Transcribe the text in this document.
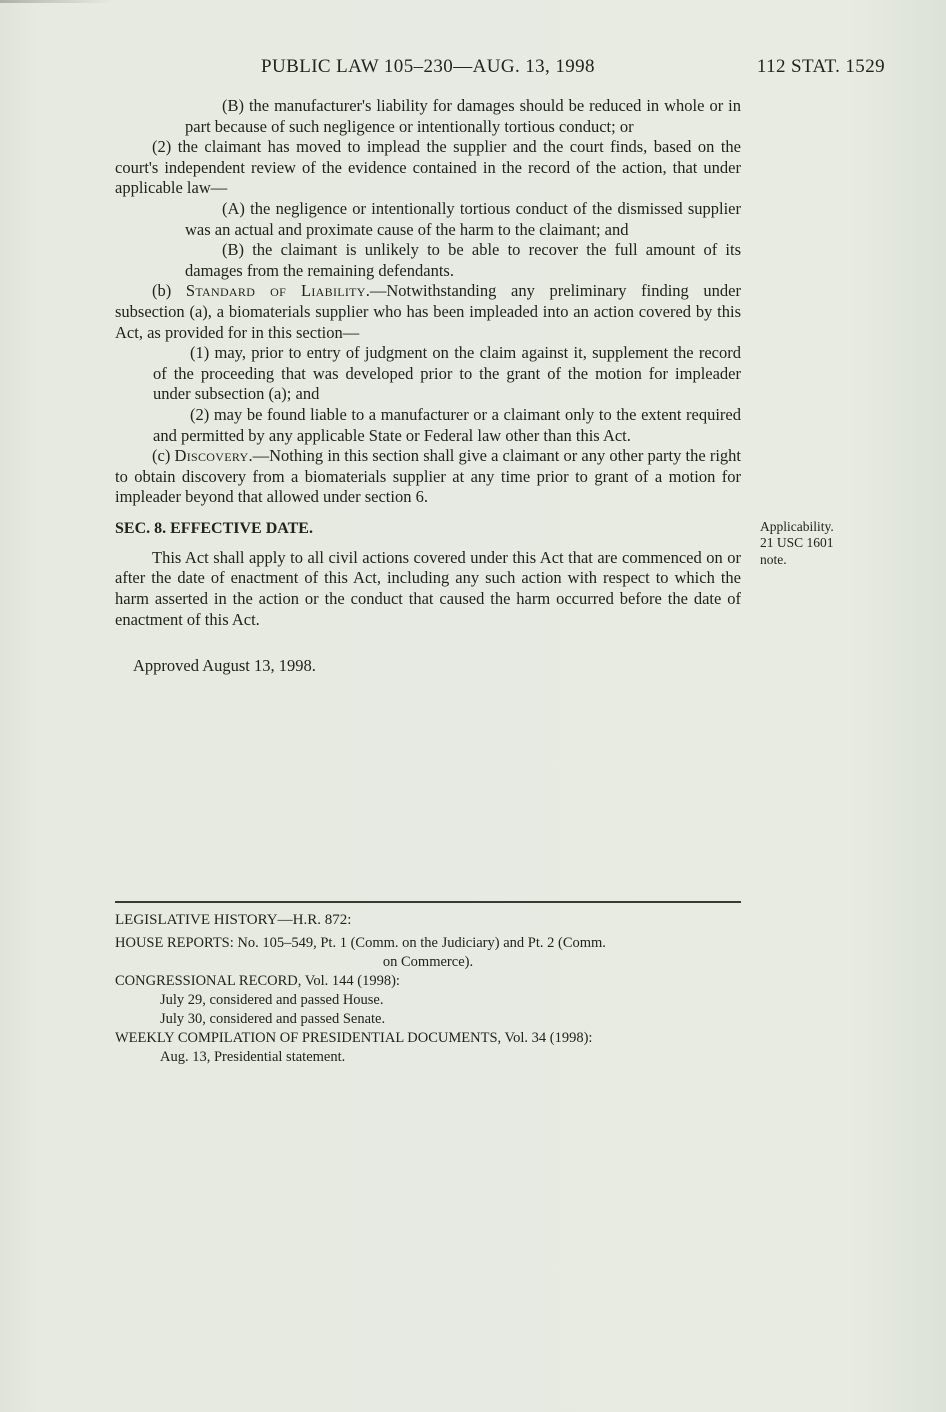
PUBLIC LAW 105–230—AUG. 13, 1998	112 STAT. 1529

(B) the manufacturer's liability for damages should be reduced in whole or in part because of such negligence or intentionally tortious conduct; or

(2) the claimant has moved to implead the supplier and the court finds, based on the court's independent review of the evidence contained in the record of the action, that under applicable law—

(A) the negligence or intentionally tortious conduct of the dismissed supplier was an actual and proximate cause of the harm to the claimant; and

(B) the claimant is unlikely to be able to recover the full amount of its damages from the remaining defendants.

(b) Standard of Liability.—Notwithstanding any preliminary finding under subsection (a), a biomaterials supplier who has been impleaded into an action covered by this Act, as provided for in this section—

(1) may, prior to entry of judgment on the claim against it, supplement the record of the proceeding that was developed prior to the grant of the motion for impleader under subsection (a); and

(2) may be found liable to a manufacturer or a claimant only to the extent required and permitted by any applicable State or Federal law other than this Act.

(c) Discovery.—Nothing in this section shall give a claimant or any other party the right to obtain discovery from a biomaterials supplier at any time prior to grant of a motion for impleader beyond that allowed under section 6.

SEC. 8. EFFECTIVE DATE.	Applicability.
21 USC 1601
note.

This Act shall apply to all civil actions covered under this Act that are commenced on or after the date of enactment of this Act, including any such action with respect to which the harm asserted in the action or the conduct that caused the harm occurred before the date of enactment of this Act.

Approved August 13, 1998.

LEGISLATIVE HISTORY—H.R. 872:
HOUSE REPORTS: No. 105–549, Pt. 1 (Comm. on the Judiciary) and Pt. 2 (Comm.
on Commerce).
CONGRESSIONAL RECORD, Vol. 144 (1998):
July 29, considered and passed House.
July 30, considered and passed Senate.
WEEKLY COMPILATION OF PRESIDENTIAL DOCUMENTS, Vol. 34 (1998):
Aug. 13, Presidential statement.
